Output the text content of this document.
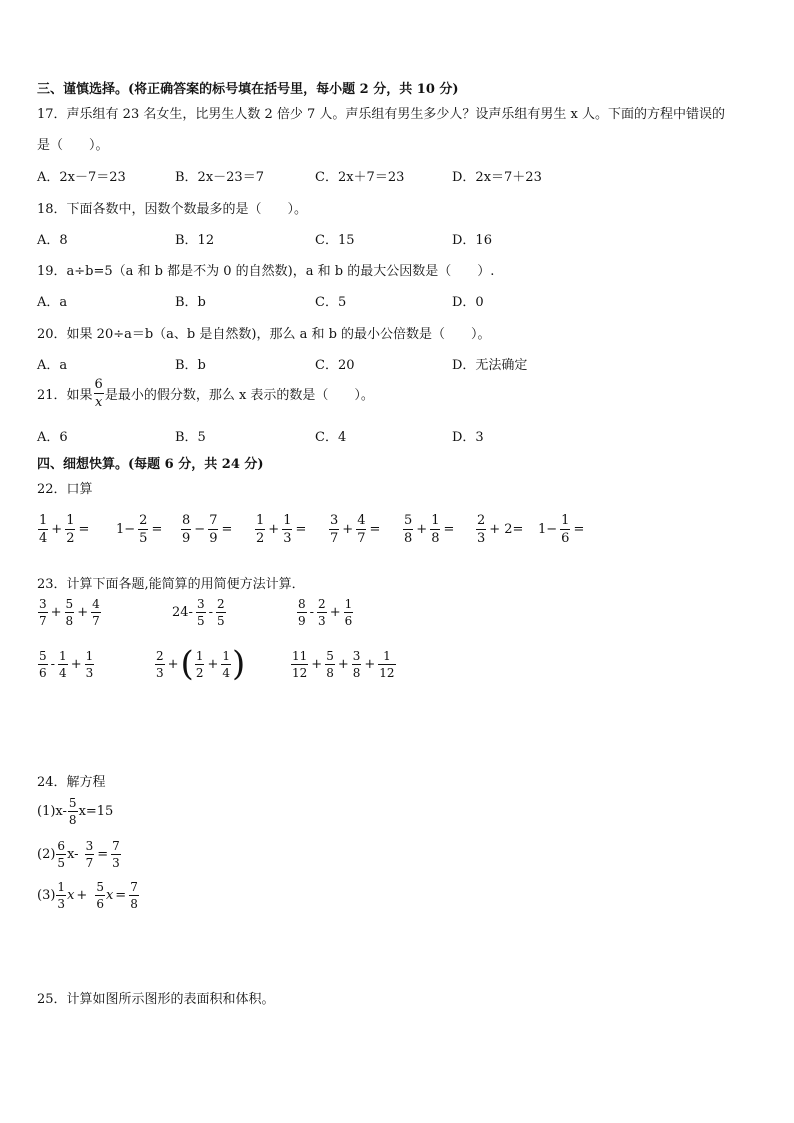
三、谨慎选择。(将正确答案的标号填在括号里，每小题 2 分，共 10 分)
17．声乐组有 23 名女生，比男生人数 2 倍少 7 人。声乐组有男生多少人？设声乐组有男生 x 人。下面的方程中错误的
是（　　）。
A．2x－7＝23	B．2x－23＝7	C．2x＋7＝23	D．2x＝7＋23
18．下面各数中，因数个数最多的是（　　）。
A．8	B．12	C．15	D．16
19．a÷b=5（a 和 b 都是不为 0 的自然数)，a 和 b 的最大公因数是（　　）.
A．a	B．b	C．5	D．0
20．如果 20÷a＝b（a、b 是自然数)，那么 a 和 b 的最小公倍数是（　　）。
A．a	B．b	C．20	D．无法确定
21．如果 $\frac{6}{x}$ 是最小的假分数，那么 x 表示的数是（　　）。
A．6	B．5	C．4	D．3
四、细想快算。(每题 6 分，共 24 分)
22．口算
$\frac{1}{4} + \frac{1}{2} = 1- \frac{2}{5} = \frac{8}{9} - \frac{7}{9} = \frac{1}{2} + \frac{1}{3} = \frac{3}{7} + \frac{4}{7} = \frac{5}{8} + \frac{1}{8} = \frac{2}{3} + 2= 1- \frac{1}{6}$ =
23．计算下面各题,能简算的用简便方法计算．
$\frac{3}{7} + \frac{5}{8} + \frac{4}{7}$	$24- \frac{3}{5} - \frac{2}{5}$	$\frac{8}{9} - \frac{2}{3} + \frac{1}{6}$
$\frac{5}{6} - \frac{1}{4} + \frac{1}{3}$	$\frac{2}{3}$ + ( $\frac{1}{2} + \frac{1}{4}$ )	$\frac{11}{12} + \frac{5}{8} + \frac{3}{8} + \frac{1}{12}$
24．解方程
$(1)x- \frac{5}{8} x=15$
$(2) \frac{6}{5} x- \frac{3}{7} = \frac{7}{3}$
$(3) \frac{1}{3}$ $x + \frac{5}{6}$ $x = \frac{7}{8}$
25．计算如图所示图形的表面积和体积。
